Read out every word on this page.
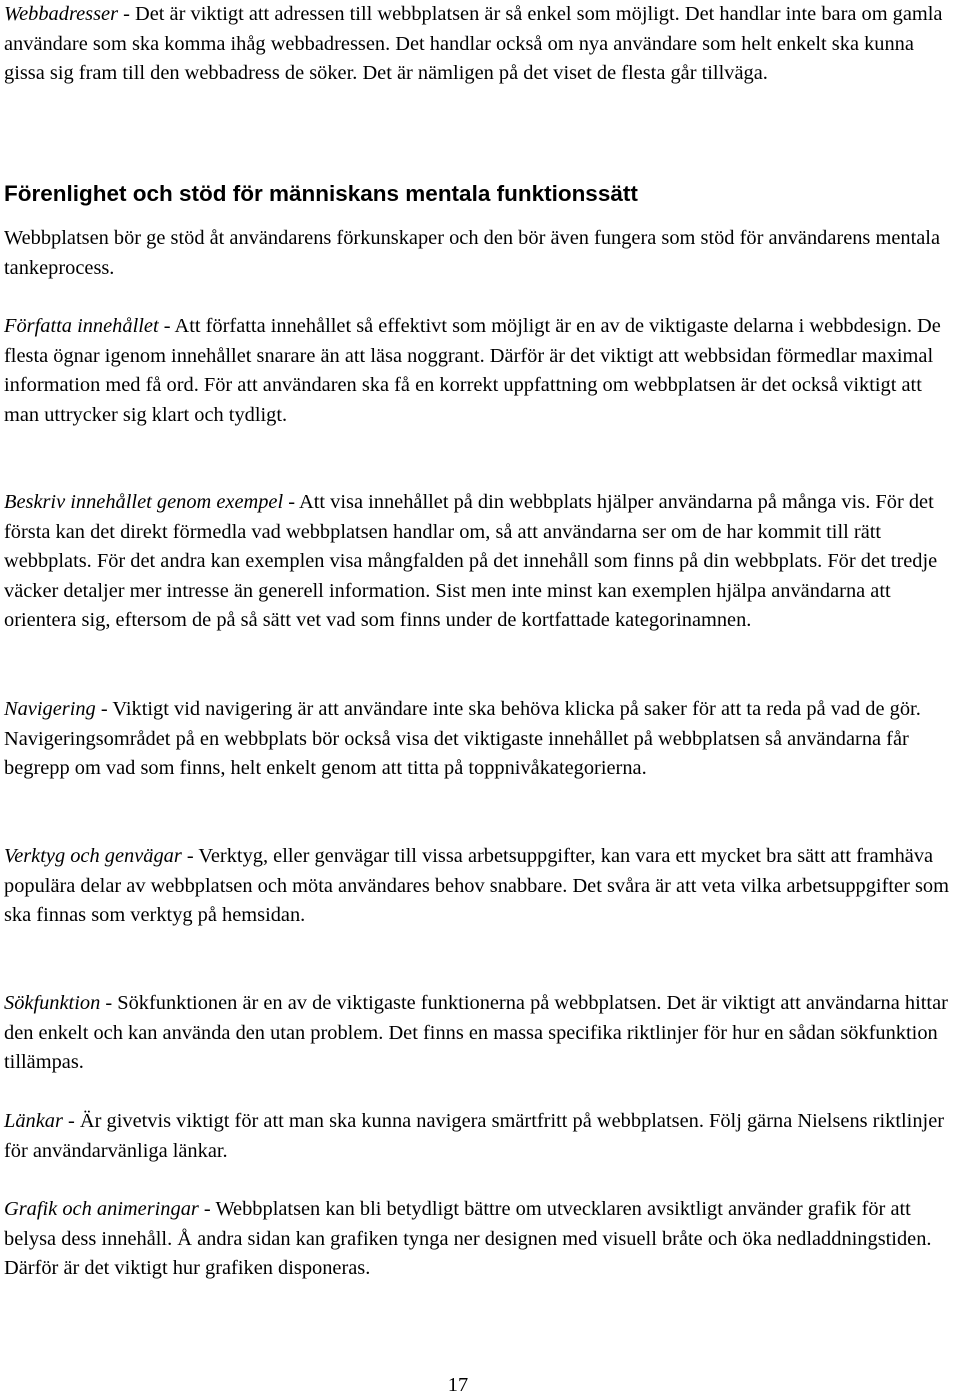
Webbadresser - Det är viktigt att adressen till webbplatsen är så enkel som möjligt. Det handlar inte bara om gamla användare som ska komma ihåg webbadressen. Det handlar också om nya användare som helt enkelt ska kunna gissa sig fram till den webbadress de söker. Det är nämligen på det viset de flesta går tillväga.

Förenlighet och stöd för människans mentala funktionssätt

Webbplatsen bör ge stöd åt användarens förkunskaper och den bör även fungera som stöd för användarens mentala tankeprocess.

Författa innehållet - Att författa innehållet så effektivt som möjligt är en av de viktigaste delarna i webbdesign. De flesta ögnar igenom innehållet snarare än att läsa noggrant. Därför är det viktigt att webbsidan förmedlar maximal information med få ord. För att användaren ska få en korrekt uppfattning om webbplatsen är det också viktigt att man uttrycker sig klart och tydligt.

Beskriv innehållet genom exempel - Att visa innehållet på din webbplats hjälper användarna på många vis. För det första kan det direkt förmedla vad webbplatsen handlar om, så att användarna ser om de har kommit till rätt webbplats. För det andra kan exemplen visa mångfalden på det innehåll som finns på din webbplats. För det tredje väcker detaljer mer intresse än generell information. Sist men inte minst kan exemplen hjälpa användarna att orientera sig, eftersom de på så sätt vet vad som finns under de kortfattade kategorinamnen.

Navigering - Viktigt vid navigering är att användare inte ska behöva klicka på saker för att ta reda på vad de gör. Navigeringsområdet på en webbplats bör också visa det viktigaste innehållet på webbplatsen så användarna får begrepp om vad som finns, helt enkelt genom att titta på toppnivåkategorierna.

Verktyg och genvägar - Verktyg, eller genvägar till vissa arbetsuppgifter, kan vara ett mycket bra sätt att framhäva populära delar av webbplatsen och möta användares behov snabbare. Det svåra är att veta vilka arbetsuppgifter som ska finnas som verktyg på hemsidan.

Sökfunktion - Sökfunktionen är en av de viktigaste funktionerna på webbplatsen. Det är viktigt att användarna hittar den enkelt och kan använda den utan problem. Det finns en massa specifika riktlinjer för hur en sådan sökfunktion tillämpas.

Länkar - Är givetvis viktigt för att man ska kunna navigera smärtfritt på webbplatsen. Följ gärna Nielsens riktlinjer för användarvänliga länkar.

Grafik och animeringar - Webbplatsen kan bli betydligt bättre om utvecklaren avsiktligt använder grafik för att belysa dess innehåll. Å andra sidan kan grafiken tynga ner designen med visuell bråte och öka nedladdningstiden. Därför är det viktigt hur grafiken disponeras.

17
